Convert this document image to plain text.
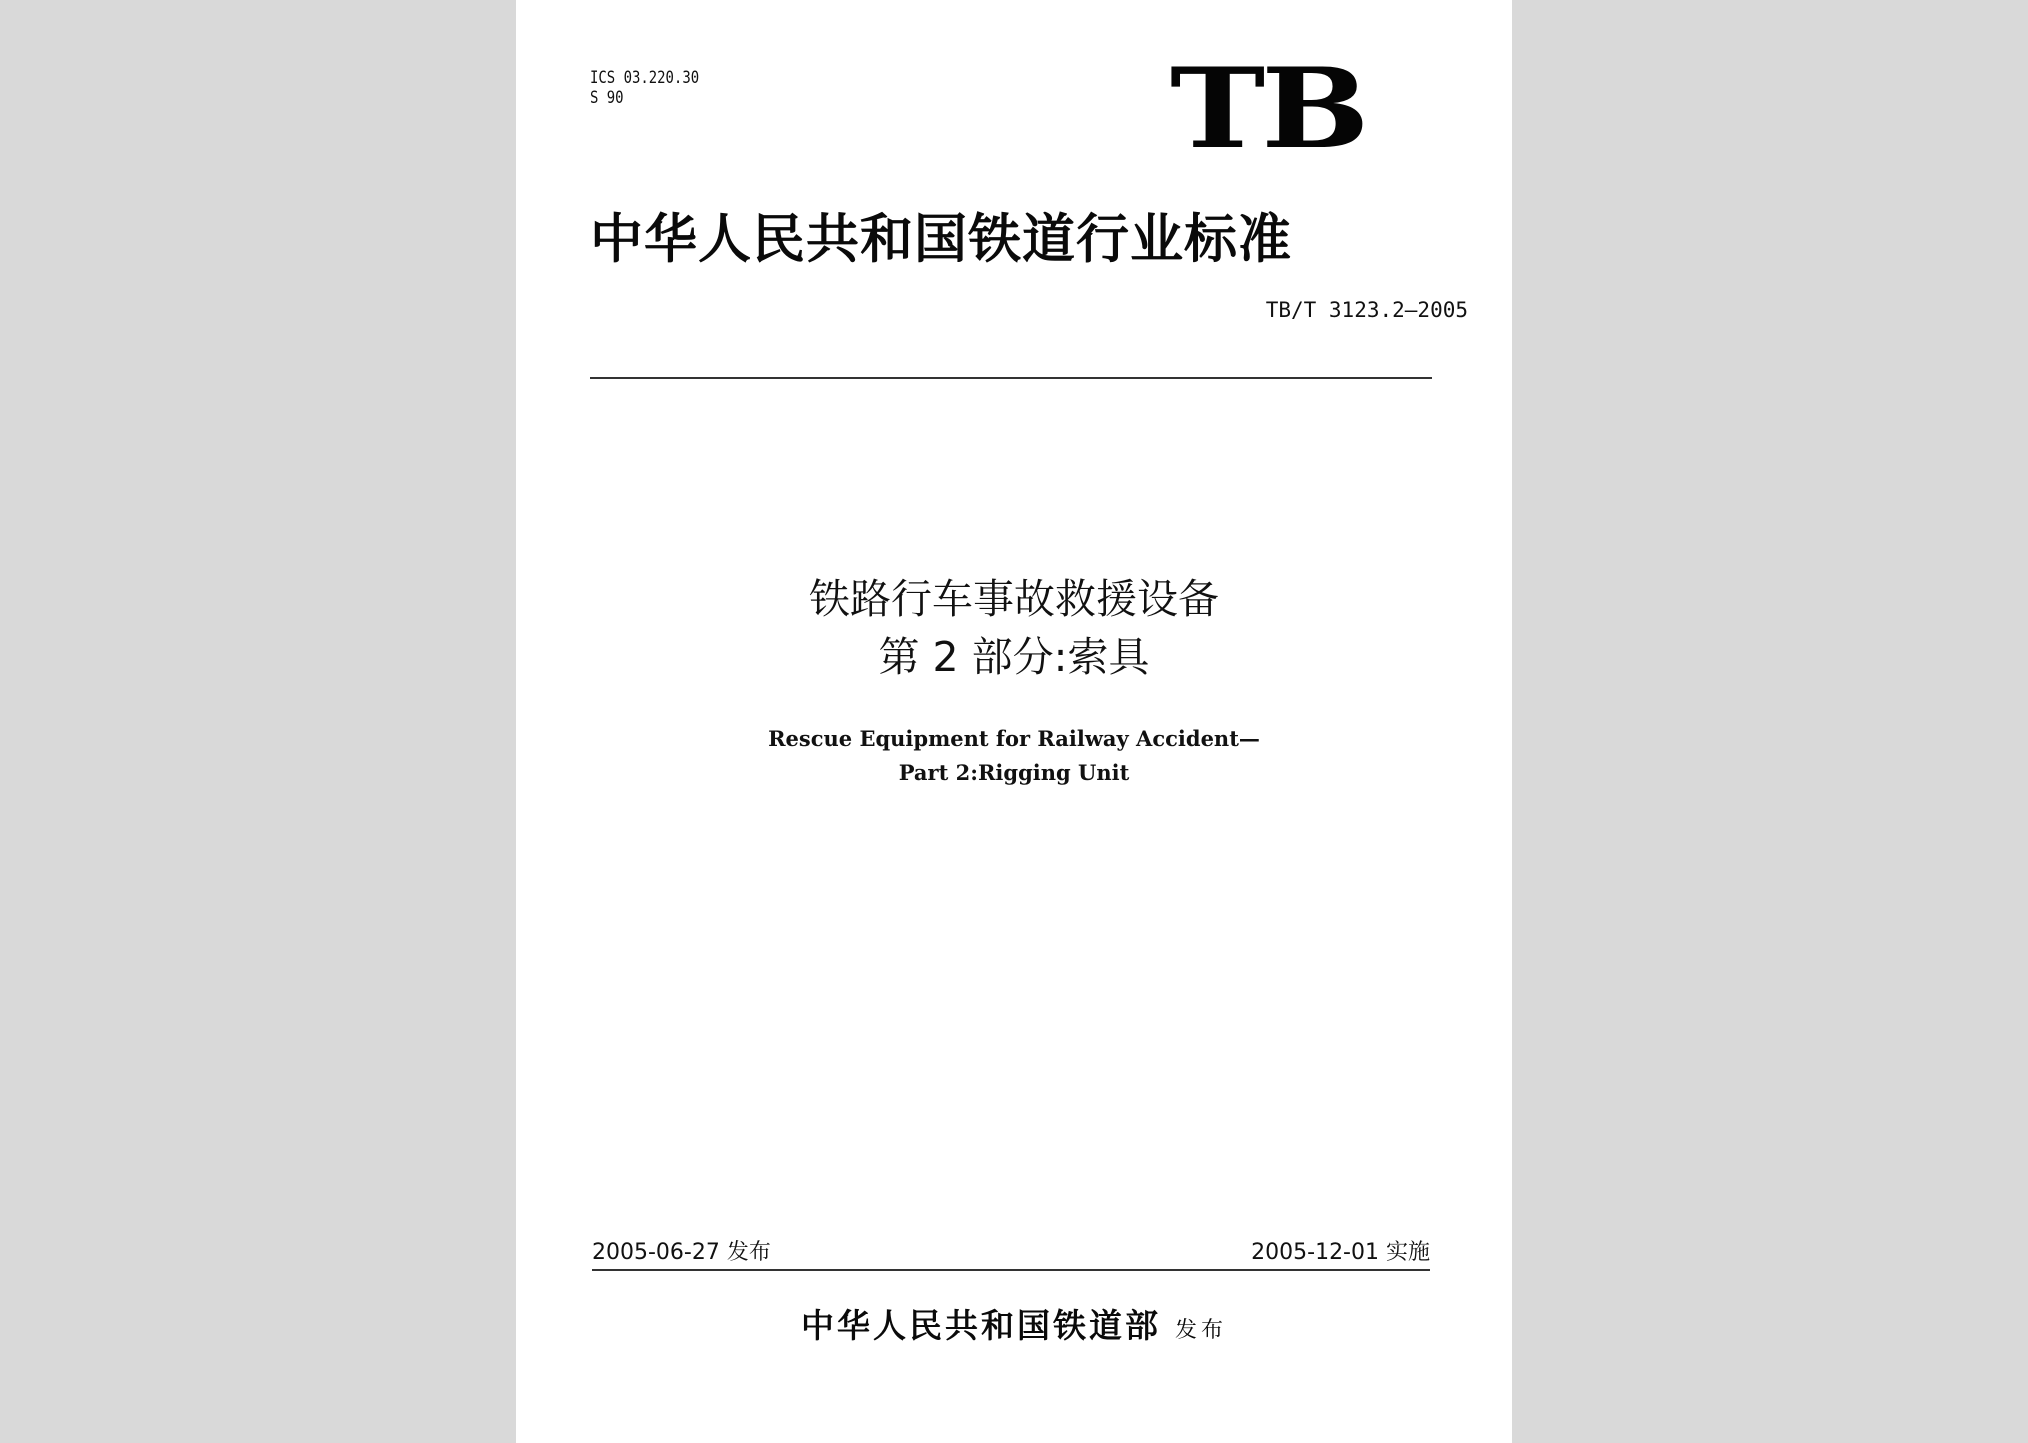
ICS 03.220.30
S 90	TB
中华人民共和国铁道行业标准
TB/T 3123.2—2005
铁路行车事故救援设备
第 2 部分:索具
Rescue Equipment for Railway Accident—
Part 2:Rigging Unit
2005-06-27 发布	2005-12-01 实施
中华人民共和国铁道部 发布
